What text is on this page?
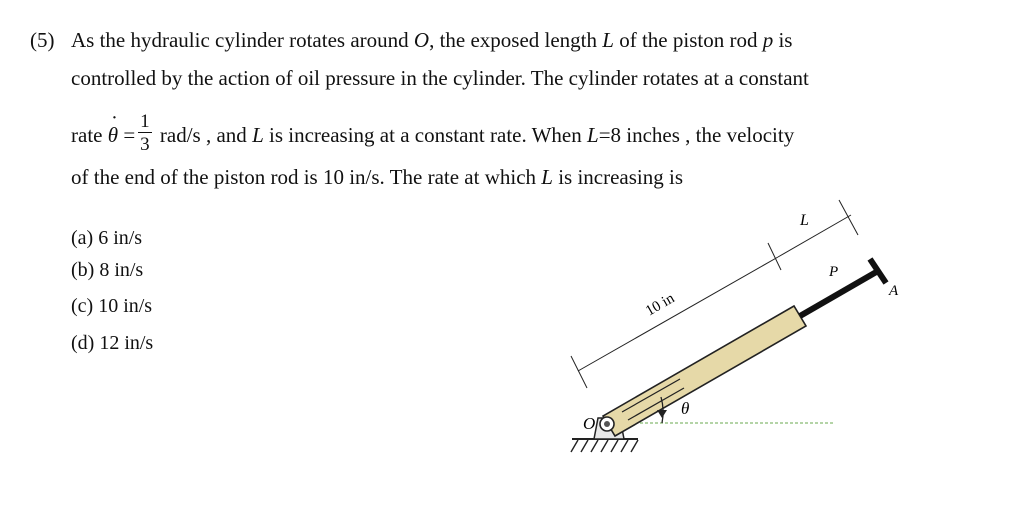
(5) As the hydraulic cylinder rotates around O, the exposed length L of the piston rod p is
controlled by the action of oil pressure in the cylinder. The cylinder rotates at a constant
rate ˙ $\theta = \frac{1}{3} rad/s$ , and L is increasing at a constant rate. When L=8 inches , the velocity
of the end of the piston rod is 10 in/s. The rate at which L is increasing is
(a) 6 in/s
(b) 8 in/s
(c) 10 in/s
(d) 12 in/s
L
P
A
10 in
O
θ
